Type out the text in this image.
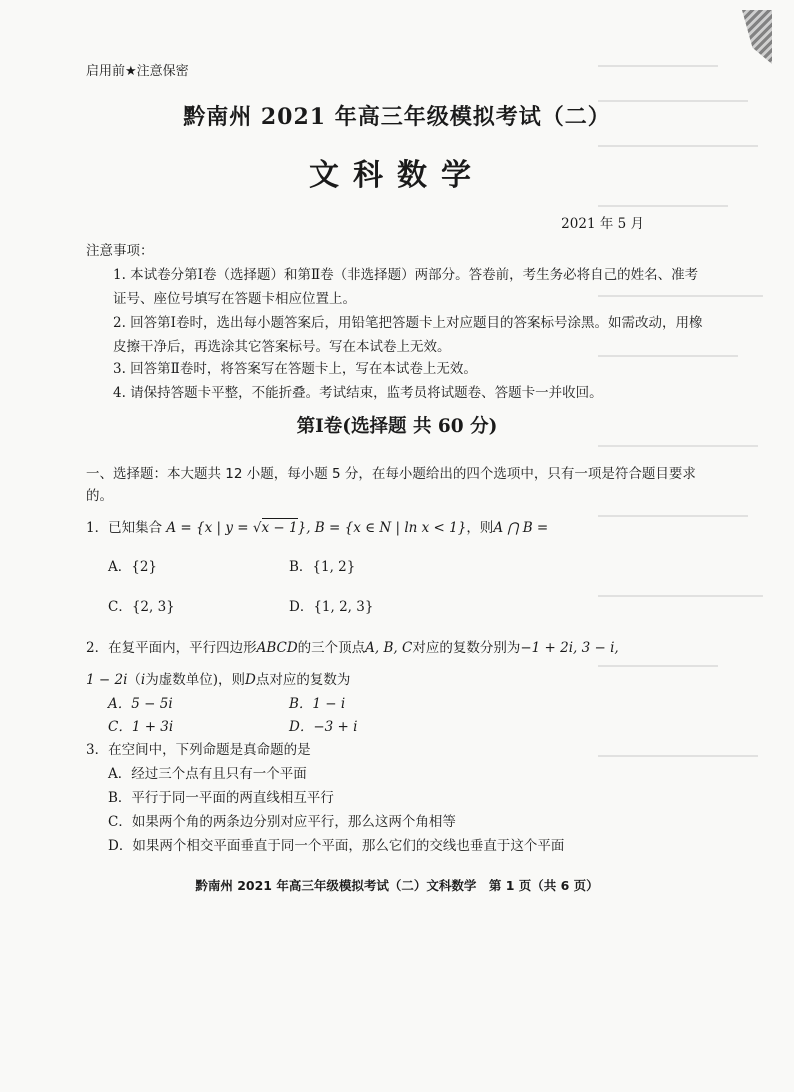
启用前★注意保密
黔南州 2021 年高三年级模拟考试（二）
文科数学
2021 年 5 月
注意事项：
1. 本试卷分第Ⅰ卷（选择题）和第Ⅱ卷（非选择题）两部分。答卷前，考生务必将自己的姓名、准考证号、座位号填写在答题卡相应位置上。
2. 回答第Ⅰ卷时，选出每小题答案后，用铅笔把答题卡上对应题目的答案标号涂黑。如需改动，用橡皮擦干净后，再选涂其它答案标号。写在本试卷上无效。
3. 回答第Ⅱ卷时，将答案写在答题卡上，写在本试卷上无效。
4. 请保持答题卡平整，不能折叠。考试结束，监考员将试题卷、答题卡一并收回。
第Ⅰ卷(选择题 共 60 分)
一、选择题：本大题共 12 小题，每小题 5 分，在每小题给出的四个选项中，只有一项是符合题目要求的。
1．已知集合 A = {x | y = √x − 1}, B = {x ∈ N | ln x < 1}，则A ⋂ B =
A．{2}	B．{1, 2}
C．{2, 3}	D．{1, 2, 3}
2．在复平面内，平行四边形ABCD的三个顶点A, B, C对应的复数分别为−1 + 2i, 3 − i,
1 − 2i（i为虚数单位)，则D点对应的复数为
A．5 − 5i	B．1 − i
C．1 + 3i	D．−3 + i
3．在空间中，下列命题是真命题的是
A．经过三个点有且只有一个平面
B．平行于同一平面的两直线相互平行
C．如果两个角的两条边分别对应平行，那么这两个角相等
D．如果两个相交平面垂直于同一个平面，那么它们的交线也垂直于这个平面
黔南州 2021 年高三年级模拟考试（二）文科数学　第 1 页（共 6 页）
